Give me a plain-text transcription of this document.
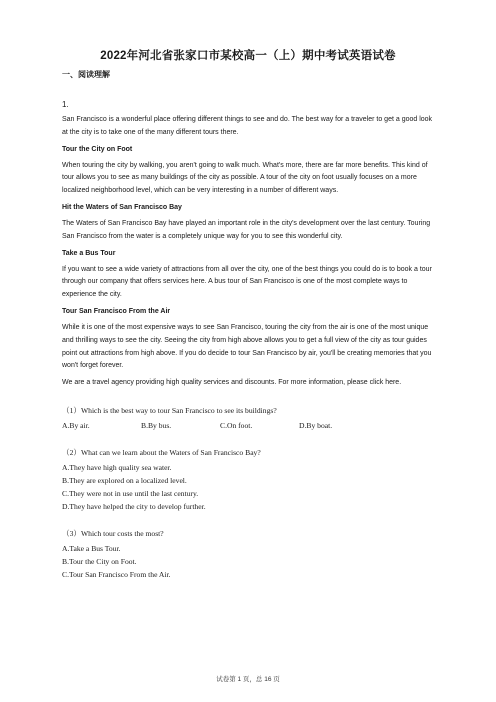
2022年河北省张家口市某校高一（上）期中考试英语试卷
一、阅读理解
1.

San Francisco is a wonderful place offering different things to see and do. The best way for a traveler to get a good look at the city is to take one of the many different tours there.

Tour the City on Foot

When touring the city by walking, you aren't going to walk much. What's more, there are far more benefits. This kind of tour allows you to see as many buildings of the city as possible. A tour of the city on foot usually focuses on a more localized neighborhood level, which can be very interesting in a number of different ways.

Hit the Waters of San Francisco Bay

The Waters of San Francisco Bay have played an important role in the city's development over the last century. Touring San Francisco from the water is a completely unique way for you to see this wonderful city.

Take a Bus Tour

If you want to see a wide variety of attractions from all over the city, one of the best things you could do is to book a tour through our company that offers services here. A bus tour of San Francisco is one of the most complete ways to experience the city.

Tour San Francisco From the Air

While it is one of the most expensive ways to see San Francisco, touring the city from the air is one of the most unique and thrilling ways to see the city. Seeing the city from high above allows you to get a full view of the city as tour guides point out attractions from high above. If you do decide to tour San Francisco by air, you'll be creating memories that you won't forget forever.

We are a travel agency providing high quality services and discounts. For more information, please click here.

（1）Which is the best way to tour San Francisco to see its buildings?

A.By air.	B.By bus.	C.On foot.	D.By boat.

（2）What can we learn about the Waters of San Francisco Bay?

A.They have high quality sea water.

B.They are explored on a localized level.

C.They were not in use until the last century.

D.They have helped the city to develop further.

（3）Which tour costs the most?

A.Take a Bus Tour.

B.Tour the City on Foot.

C.Tour San Francisco From the Air.

试卷第 1 页，总 16 页
